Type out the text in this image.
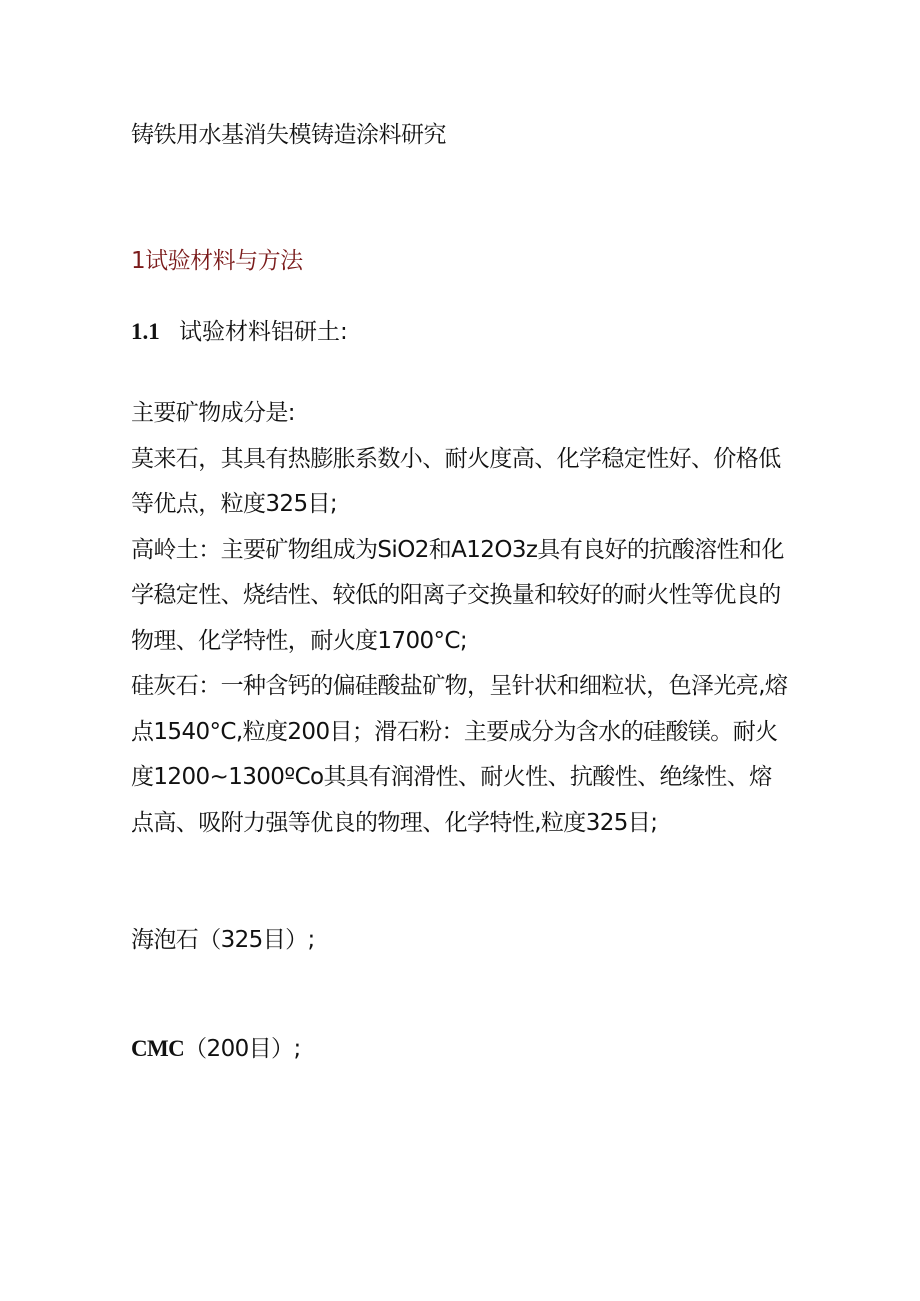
铸铁用水基消失模铸造涂料研究
1试验材料与方法
1.1 试验材料铝研土:

主要矿物成分是:

莫来石，其具有热膨胀系数小、耐火度高、化学稳定性好、价格低等优点，粒度325目;

高岭土：主要矿物组成为SiO2和A12O3z具有良好的抗酸溶性和化学稳定性、烧结性、较低的阳离子交换量和较好的耐火性等优良的物理、化学特性，耐火度1700°C;

硅灰石：一种含钙的偏硅酸盐矿物，呈针状和细粒状，色泽光亮,熔点1540°C,粒度200目；滑石粉：主要成分为含水的硅酸镁。耐火度1200~1300ºCo其具有润滑性、耐火性、抗酸性、绝缘性、熔点高、吸附力强等优良的物理、化学特性,粒度325目;

海泡石（325目）;

CMC（200目）;
